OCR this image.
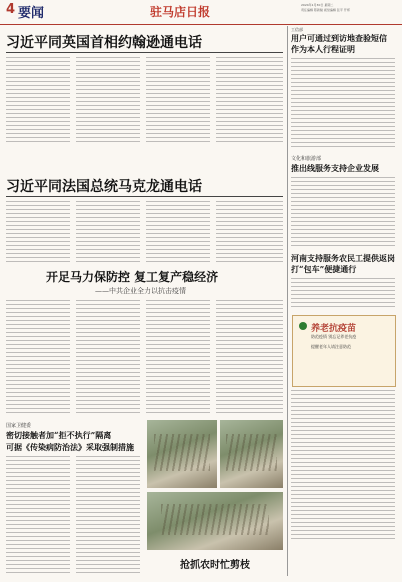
4 要闻	驻马店日报	2024年1月30日 星期二
责任编辑 陈新魁 视觉编辑 张平 开邦
习近平同英国首相约翰逊通电话
工信部
用户可通过到访地查验短信
作为本人行程证明
文化和旅游部
推出线服务支持企业发展
习近平同法国总统马克龙通电话
河南支持服务农民工提供返岗
打“包车”便捷通行
开足马力保防控 复工复产稳经济
——中共企业全力以抗击疫情
养老抗疫苗
防范疫情 别忘记养老抗疫
提醒老年人请注意防范
国家卫健委
密切接触者加“拒不执行”隔离
可据《传染病防治法》采取强制措施
抢抓农时忙剪枝
